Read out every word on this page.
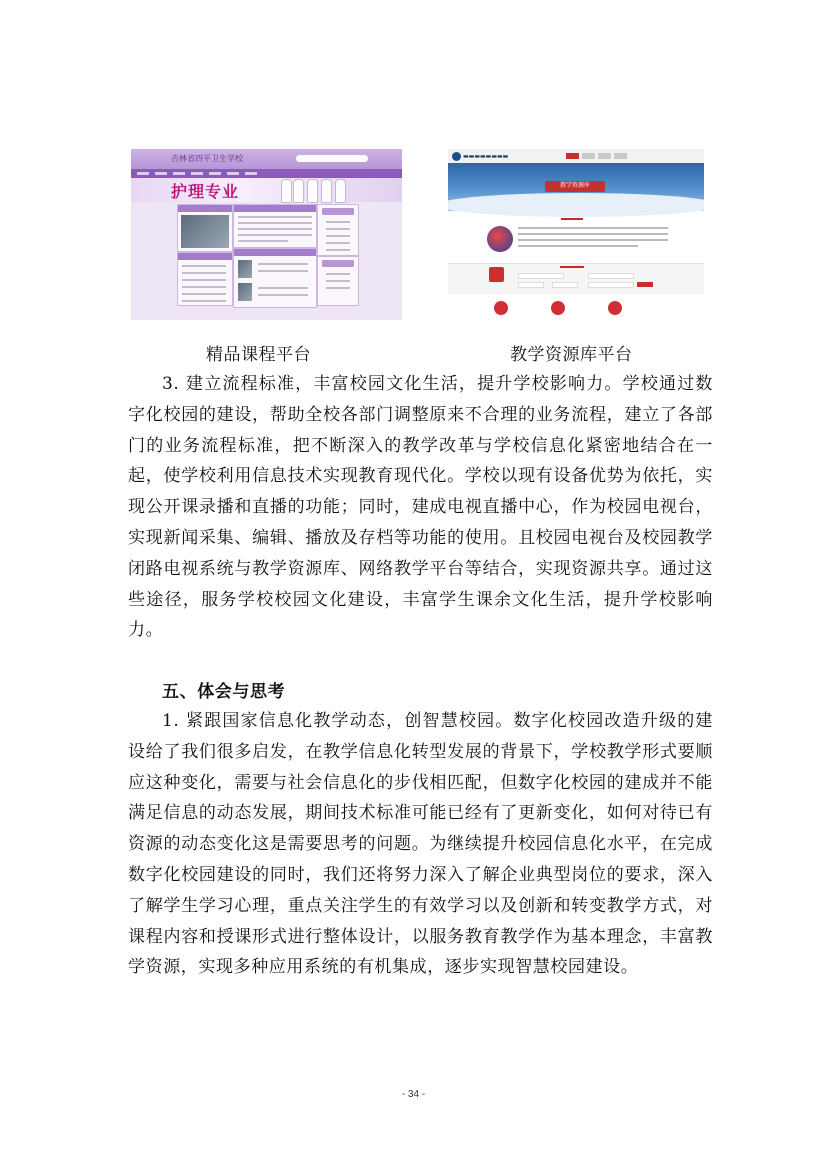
吉林省四平卫生学校
护理专业
▬▬▬▬▬▬▬▬
教学资源库
精品课程平台	教学资源库平台

3. 建立流程标准，丰富校园文化生活，提升学校影响力。学校通过数字化校园的建设，帮助全校各部门调整原来不合理的业务流程，建立了各部门的业务流程标准，把不断深入的教学改革与学校信息化紧密地结合在一起，使学校利用信息技术实现教育现代化。学校以现有设备优势为依托，实现公开课录播和直播的功能；同时，建成电视直播中心，作为校园电视台，实现新闻采集、编辑、播放及存档等功能的使用。且校园电视台及校园教学闭路电视系统与教学资源库、网络教学平台等结合，实现资源共享。通过这些途径，服务学校校园文化建设，丰富学生课余文化生活，提升学校影响力。

五、体会与思考

1. 紧跟国家信息化教学动态，创智慧校园。数字化校园改造升级的建设给了我们很多启发，在教学信息化转型发展的背景下，学校教学形式要顺应这种变化，需要与社会信息化的步伐相匹配，但数字化校园的建成并不能满足信息的动态发展，期间技术标准可能已经有了更新变化，如何对待已有资源的动态变化这是需要思考的问题。为继续提升校园信息化水平，在完成数字化校园建设的同时，我们还将努力深入了解企业典型岗位的要求，深入了解学生学习心理，重点关注学生的有效学习以及创新和转变教学方式，对课程内容和授课形式进行整体设计，以服务教育教学作为基本理念，丰富教学资源，实现多种应用系统的有机集成，逐步实现智慧校园建设。

- 34 -
